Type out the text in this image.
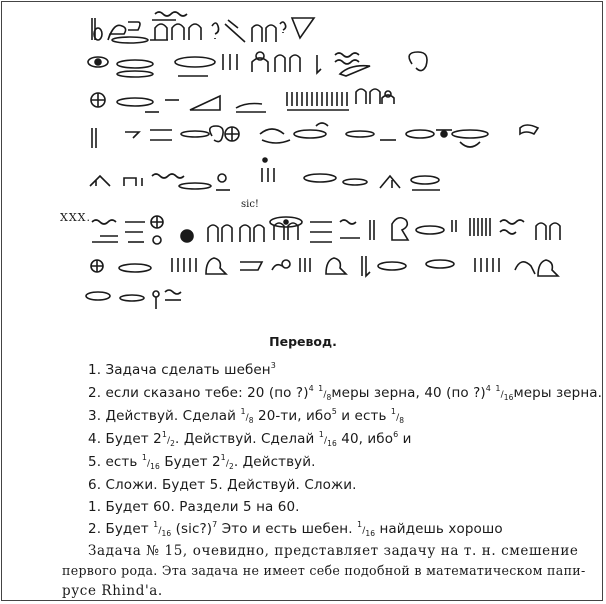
XXX.
sic!
Перевод.
1. Задача сделать шебен$^3$
2. если сказано тебе: 20 (по ?)$^4$ $^1/_8меры$ зерна, 40 (по ?)$^4$ $^1/_{16}меры$ зерна.
3. Действуй. Сделай $^1/_8$ 20-ти, ибо$^5$ и есть $^1/_8$
4. Будет $2^1/_2$. Действуй. Сделай $^1/_{16}$ 40, ибо$^6$ и
5. есть $^1/_{16}$ Будет $2^1/_2$. Действуй.
6. Сложи. Будет 5. Действуй. Сложи.
1. Будет 60. Раздели 5 на 60.
2. Будет $^1/_{16}$ (sic?)$^7$ Это и есть шебен. $^1/_{16}$ найдешь хорошо
Задача № 15, очевидно, представляет задачу на т. н. смешение
первого рода. Эта задача не имеет себе подобной в математическом папи-
русе Rhind'a.
